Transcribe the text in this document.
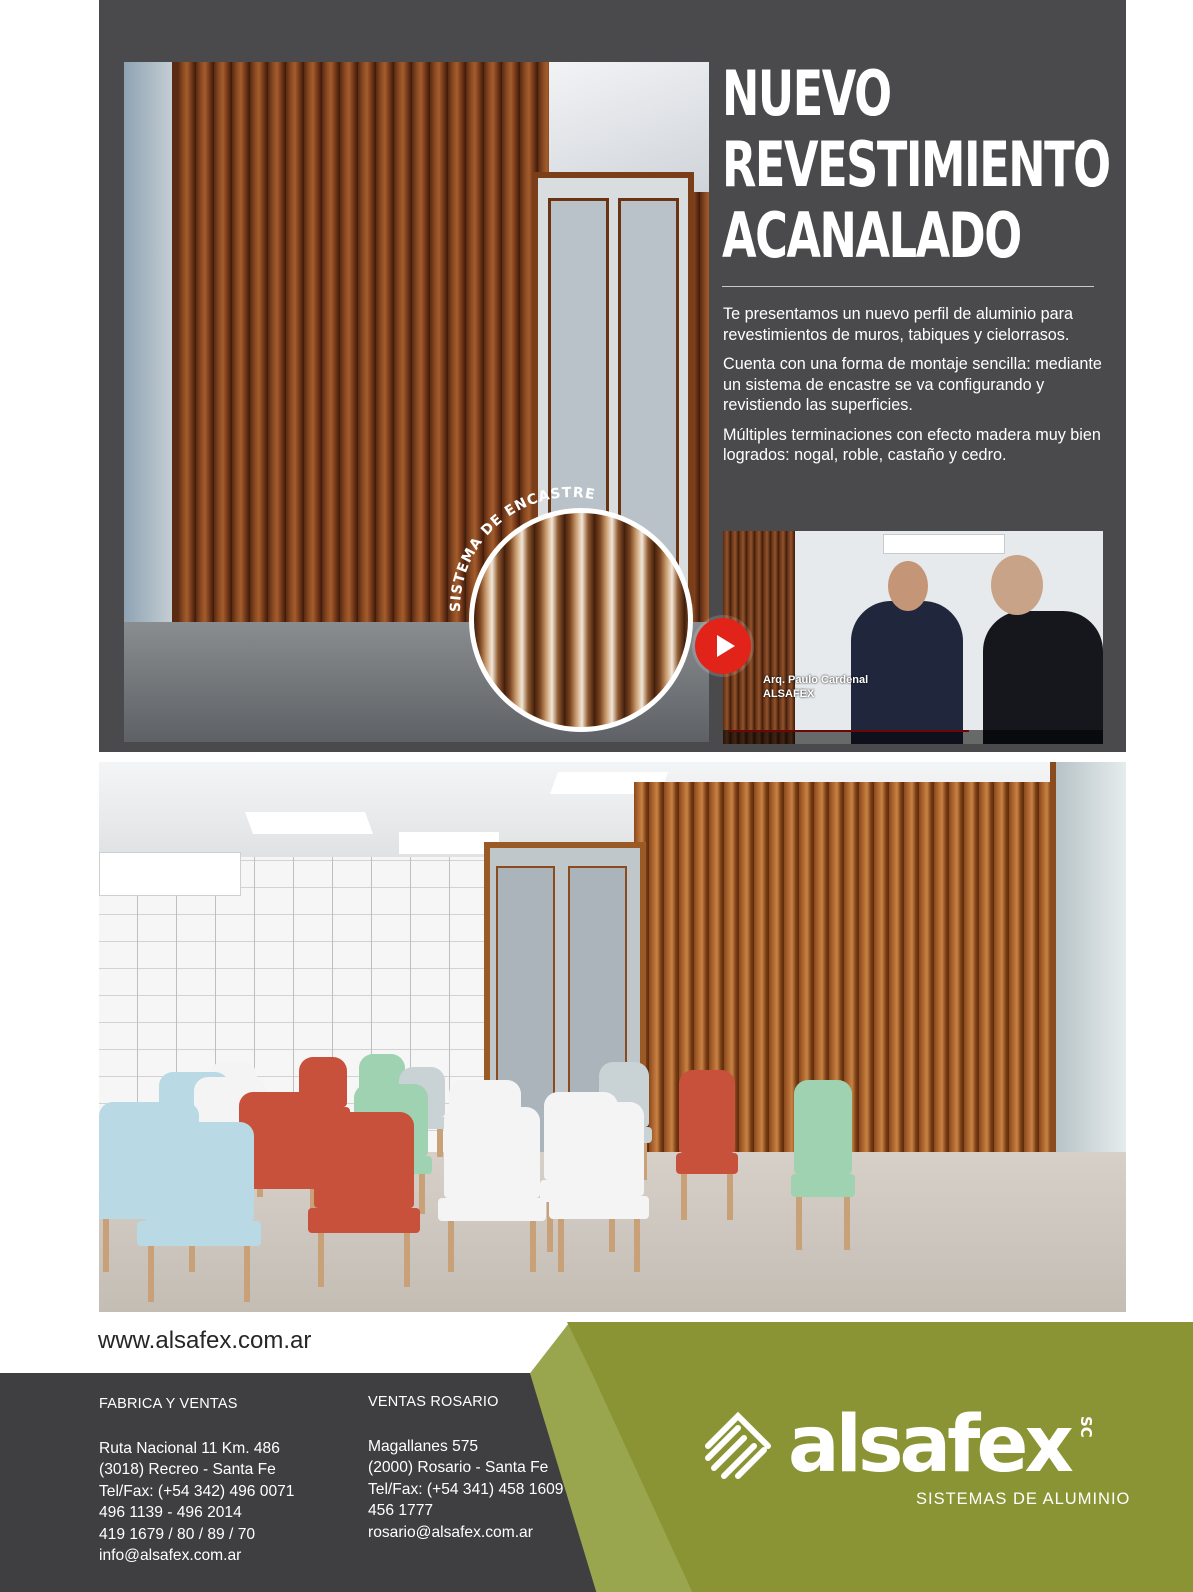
SISTEMA DE ENCASTRE
NUEVO
REVESTIMIENTO
ACANALADO

Te presentamos un nuevo perfil de aluminio para revestimientos de muros, tabiques y cielorrasos.

Cuenta con una forma de montaje sencilla: mediante un sistema de encastre se va configurando y revistiendo las superficies.

Múltiples terminaciones con efecto madera muy bien logrados: nogal, roble, castaño y cedro.

Arq. Paulo Cardenal
ALSAFEX
www.alsafex.com.ar
FABRICA Y VENTAS
Ruta Nacional 11 Km. 486
(3018) Recreo - Santa Fe
Tel/Fax: (+54 342) 496 0071
496 1139 - 496 2014
419 1679 / 80 / 89 / 70
info@alsafex.com.ar
VENTAS ROSARIO
Magallanes 575
(2000) Rosario - Santa Fe
Tel/Fax: (+54 341) 458 1609
456 1777
rosario@alsafex.com.ar
alsafex SC
SISTEMAS DE ALUMINIO
